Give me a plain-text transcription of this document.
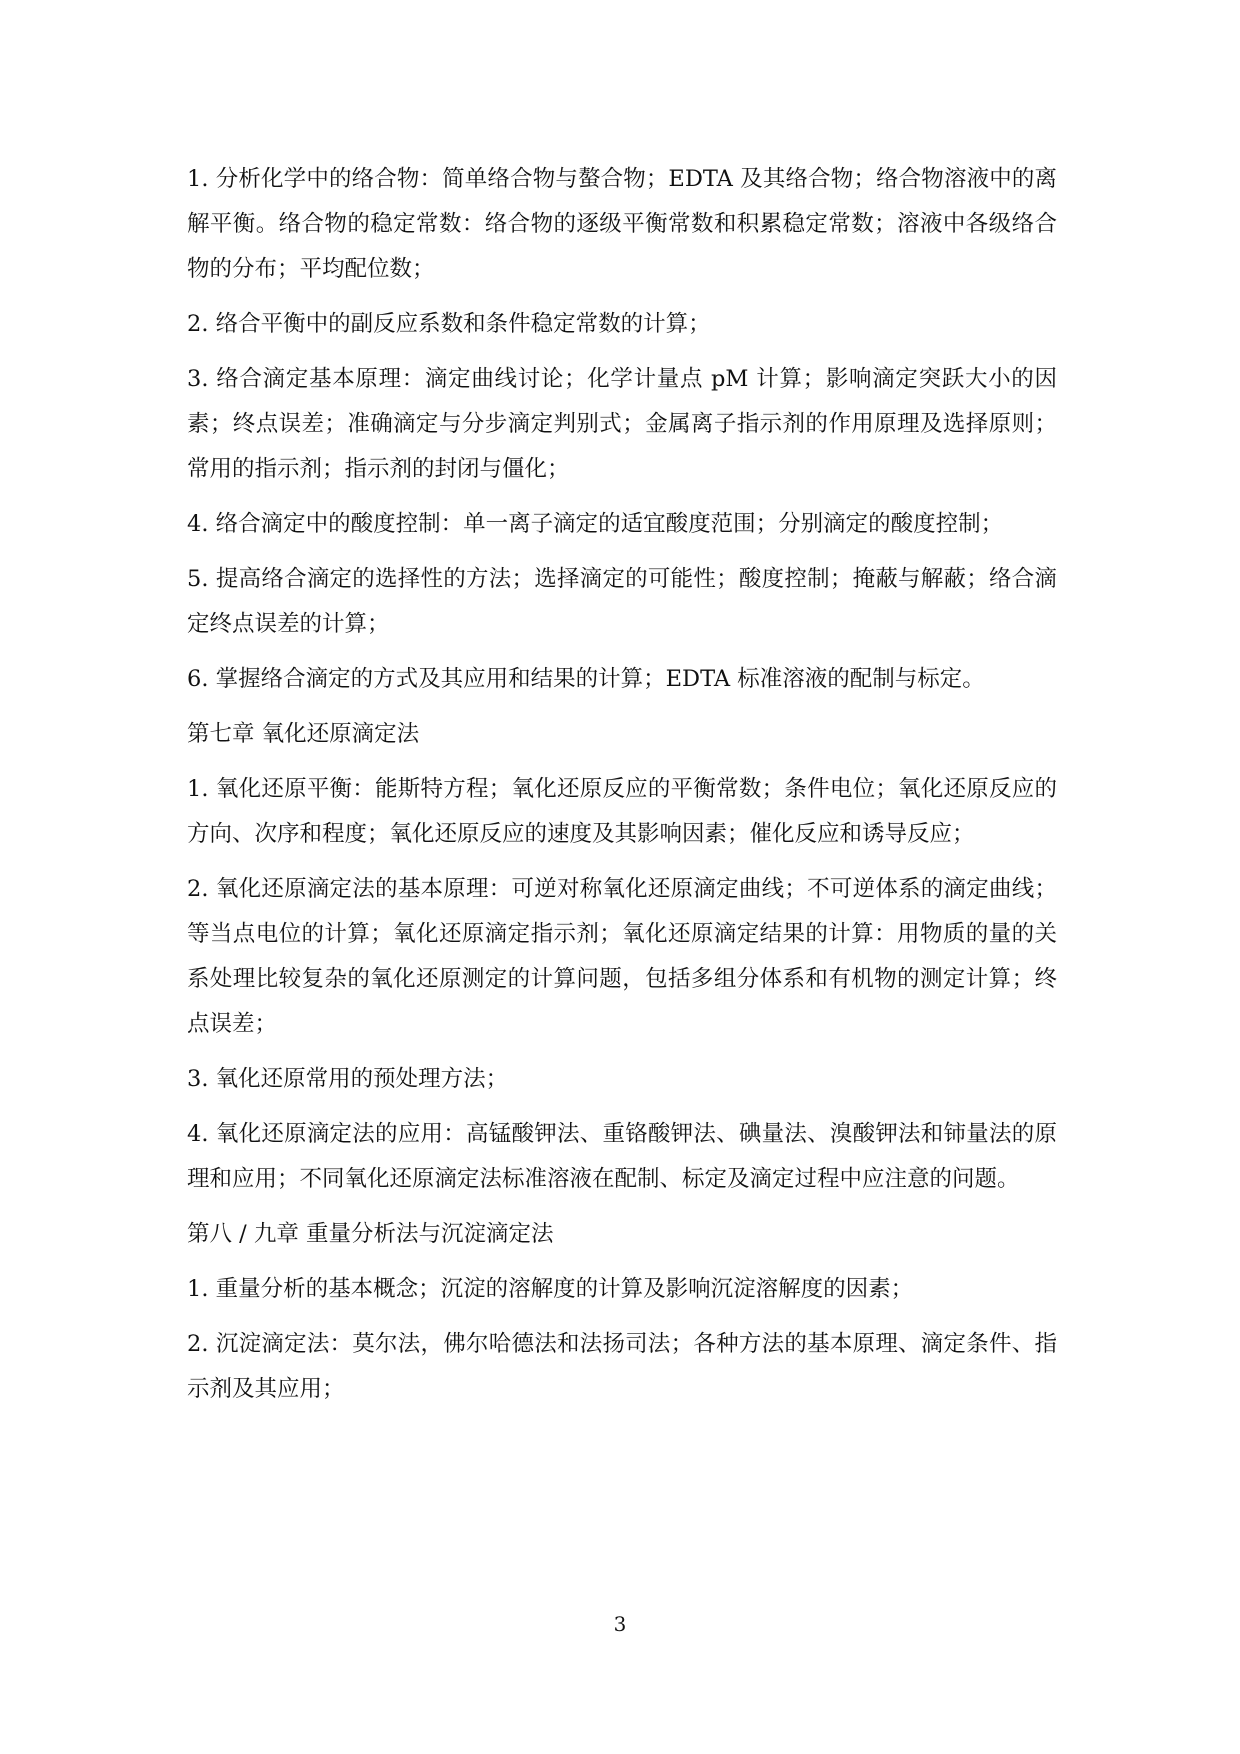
1. 分析化学中的络合物：简单络合物与螯合物；EDTA 及其络合物；络合物溶液中的离解平衡。络合物的稳定常数：络合物的逐级平衡常数和积累稳定常数；溶液中各级络合物的分布；平均配位数；

2. 络合平衡中的副反应系数和条件稳定常数的计算；

3. 络合滴定基本原理：滴定曲线讨论；化学计量点 pM 计算；影响滴定突跃大小的因素；终点误差；准确滴定与分步滴定判别式；金属离子指示剂的作用原理及选择原则；常用的指示剂；指示剂的封闭与僵化；

4. 络合滴定中的酸度控制：单一离子滴定的适宜酸度范围；分别滴定的酸度控制；

5. 提高络合滴定的选择性的方法；选择滴定的可能性；酸度控制；掩蔽与解蔽；络合滴定终点误差的计算；

6. 掌握络合滴定的方式及其应用和结果的计算；EDTA 标准溶液的配制与标定。

第七章 氧化还原滴定法

1. 氧化还原平衡：能斯特方程；氧化还原反应的平衡常数；条件电位；氧化还原反应的方向、次序和程度；氧化还原反应的速度及其影响因素；催化反应和诱导反应；

2. 氧化还原滴定法的基本原理：可逆对称氧化还原滴定曲线；不可逆体系的滴定曲线；等当点电位的计算；氧化还原滴定指示剂；氧化还原滴定结果的计算：用物质的量的关系处理比较复杂的氧化还原测定的计算问题，包括多组分体系和有机物的测定计算；终点误差；

3. 氧化还原常用的预处理方法；

4. 氧化还原滴定法的应用：高锰酸钾法、重铬酸钾法、碘量法、溴酸钾法和铈量法的原理和应用；不同氧化还原滴定法标准溶液在配制、标定及滴定过程中应注意的问题。

第八 / 九章 重量分析法与沉淀滴定法

1. 重量分析的基本概念；沉淀的溶解度的计算及影响沉淀溶解度的因素；

2. 沉淀滴定法：莫尔法，佛尔哈德法和法扬司法；各种方法的基本原理、滴定条件、指示剂及其应用；

3
